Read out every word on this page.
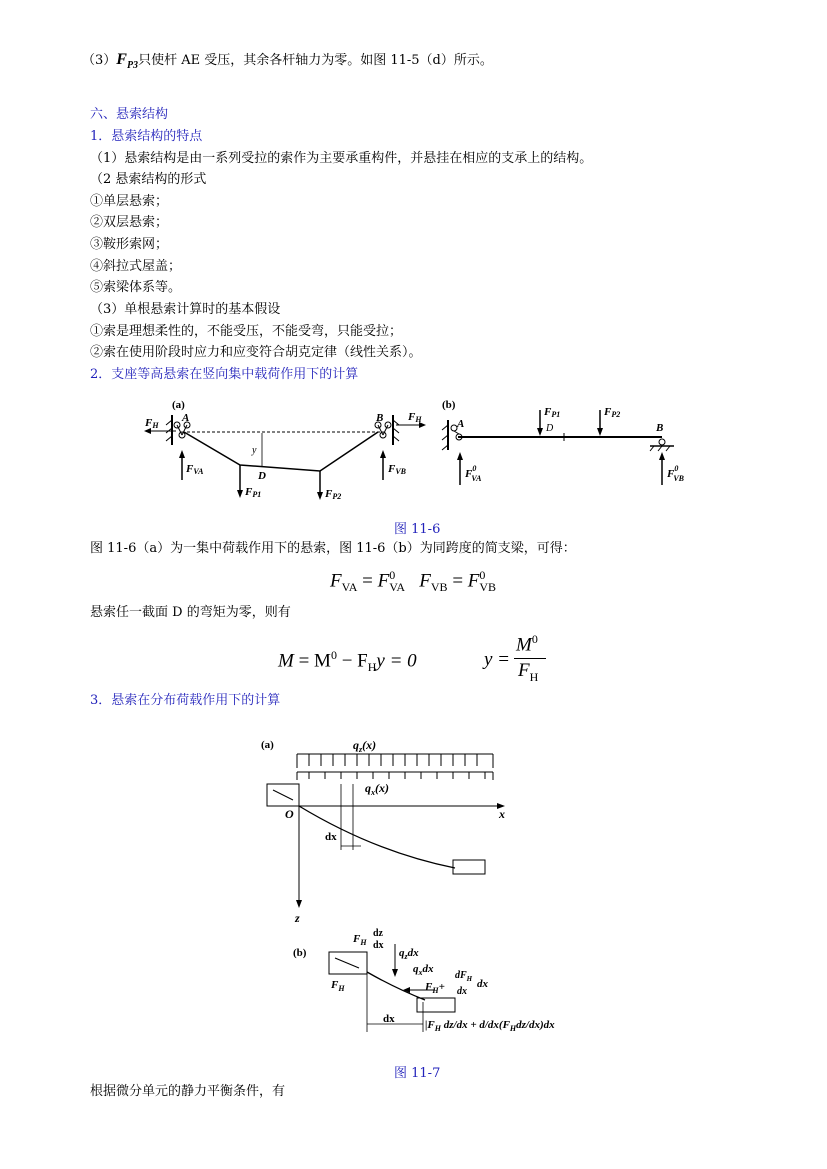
$(3)F_{P3}$只使杆 AE 受压，其余各杆轴力为零。如图 11-5（d）所示。
六、悬索结构
1．悬索结构的特点
（1）悬索结构是由一系列受拉的索作为主要承重构件，并悬挂在相应的支承上的结构。
（2 悬索结构的形式
①单层悬索；
②双层悬索；
③鞍形索网；
④斜拉式屋盖；
⑤索梁体系等。
（3）单根悬索计算时的基本假设
①索是理想柔性的，不能受压，不能受弯，只能受拉；
②索在使用阶段时应力和应变符合胡克定律（线性关系）。
2．支座等高悬索在竖向集中载荷作用下的计算
(a)
A
FH
FVA
y
D
FP1	FP2
B FH
FVB
(b)
A
FP1
D
FP2
B
$F^0$ VA	$F^0$ VB
图 11-6
图 11-6（a）为一集中荷载作用下的悬索，图 11-6（b）为同跨度的简支梁，可得：
$F_{VA} = F^0_{VA}$ $F_{VB} = F^0_{VB}$
悬索任一截面 D 的弯矩为零，则有
$M = M^0 - F_Hy = 0$	y =
$M^0$
$F_H$
3．悬索在分布荷载作用下的计算
(a)	$q_z(x)$
$q_x(x)$
x
O
z
dx
(b)
$F_H$
dz
dx
$F_H$
$q_zdx$
$q_xdx$
$F_H+$
$dF_H$
dx
dx
dx	$|F_H$ $dz/dx + d/dx(F_Hdz/dx)dx$
图 11-7
根据微分单元的静力平衡条件，有
